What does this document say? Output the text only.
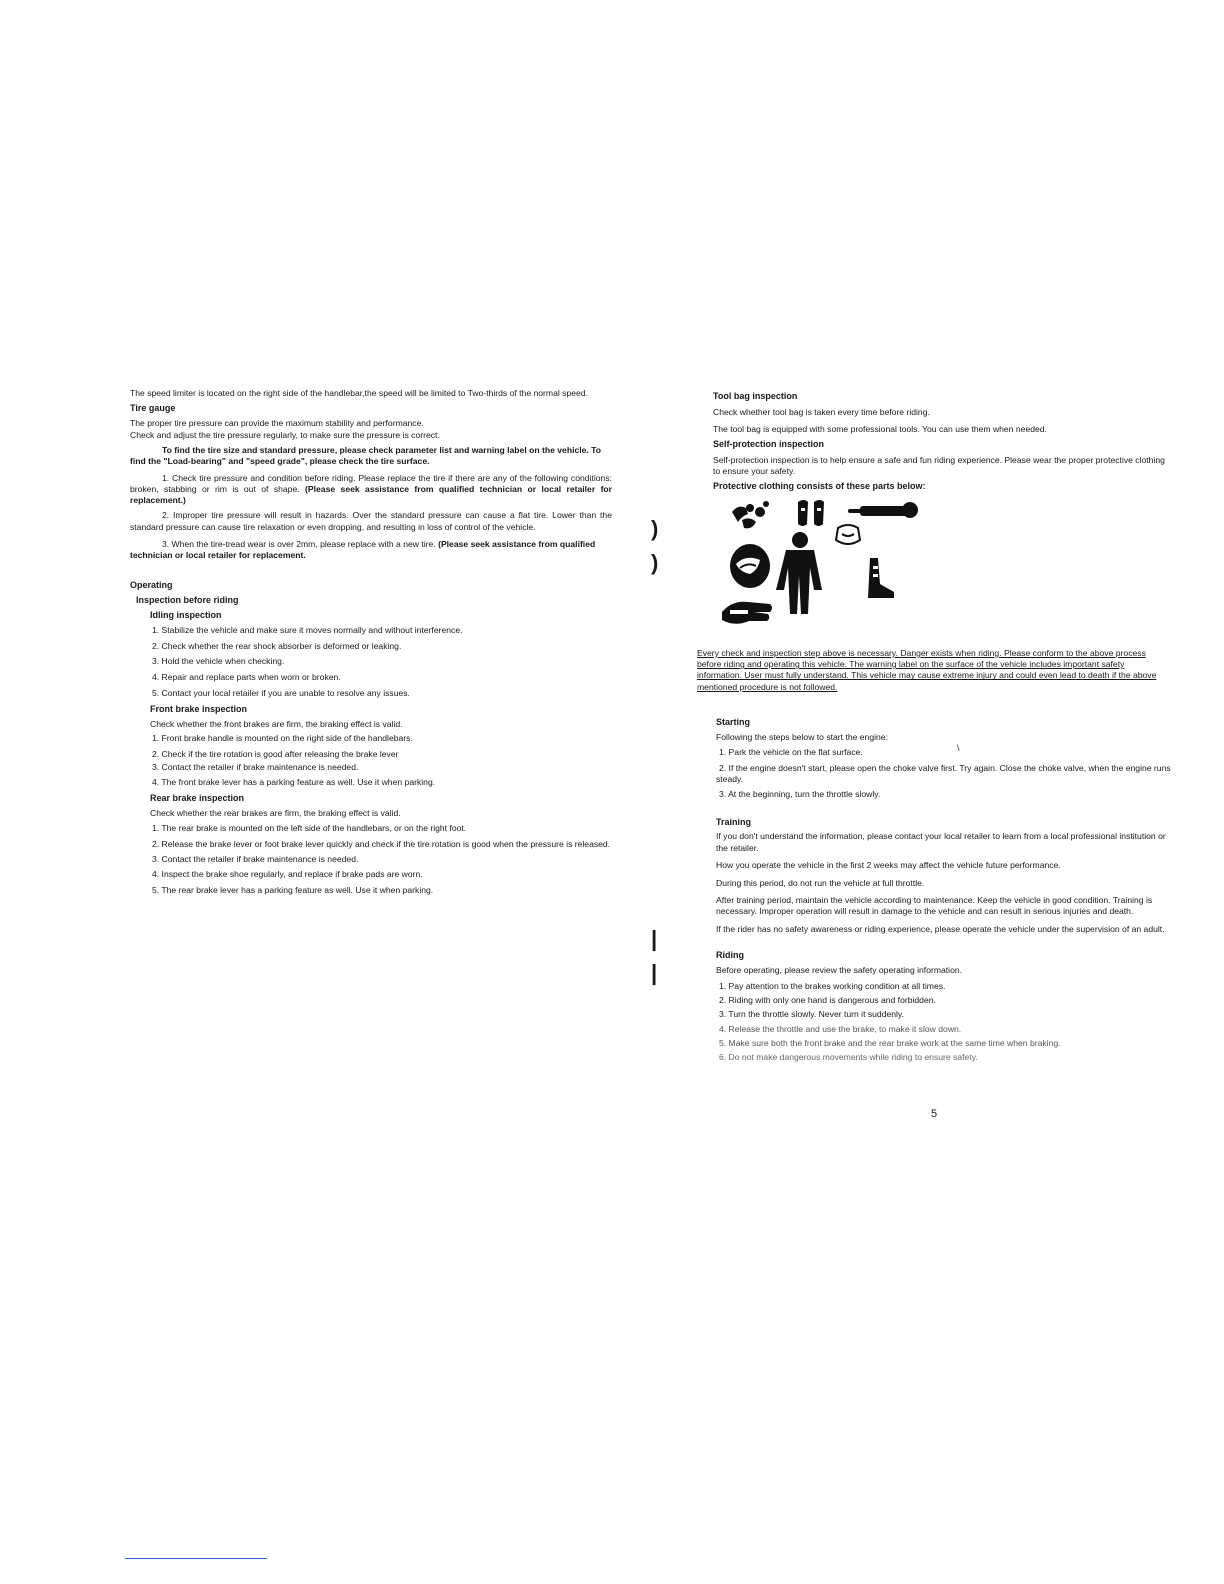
The speed limiter is located on the right side of the handlebar,the speed will be limited to Two-thirds of the normal speed.

Tire gauge

The proper tire pressure can provide the maximum stability and performance.

Check and adjust the tire pressure regularly, to make sure the pressure is correct.

To find the tire size and standard pressure, please check parameter list and warning label on the vehicle. To find the "Load-bearing" and "speed grade", please check the tire surface.

1. Check tire pressure and condition before riding. Please replace the tire if there are any of the following conditions: broken, stabbing or rim is out of shape. (Please seek assistance from qualified technician or local retailer for replacement.)

2. Improper tire pressure will result in hazards. Over the standard pressure can cause a flat tire. Lower than the standard pressure can cause tire relaxation or even dropping, and resulting in loss of control of the vehicle.

3. When the tire-tread wear is over 2mm, please replace with a new tire. (Please seek assistance from qualified technician or local retailer for replacement.

Operating

Inspection before riding

Idling inspection

1. Stabilize the vehicle and make sure it moves normally and without interference.

2. Check whether the rear shock absorber is deformed or leaking.

3. Hold the vehicle when checking.

4. Repair and replace parts when worn or broken.

5. Contact your local retailer if you are unable to resolve any issues.

Front brake inspection

Check whether the front brakes are firm, the braking effect is valid.

1. Front brake handle is mounted on the right side of the handlebars.

2. Check if the tire rotation is good after releasing the brake lever

3. Contact the retailer if brake maintenance is needed.

4. The front brake lever has a parking feature as well. Use it when parking.

Rear brake inspection

Check whether the rear brakes are firm, the braking effect is valid.

1. The rear brake is mounted on the left side of the handlebars, or on the right foot.

2. Release the brake lever or foot brake lever quickly and check if the tire rotation is good when the pressure is released.

3. Contact the retailer if brake maintenance is needed.

4. Inspect the brake shoe regularly, and replace if brake pads are worn.

5. The rear brake lever has a parking feature as well. Use it when parking.

)
)
|
|

Tool bag inspection

Check whether tool bag is taken every time before riding.

The tool bag is equipped with some professional tools. You can use them when needed.

Self-protection inspection

Self-protection inspection is to help ensure a safe and fun riding experience. Please wear the proper protective clothing to ensure your safety.

Protective clothing consists of these parts below:

Every check and inspection step above is necessary. Danger exists when riding. Please conform to the above process before riding and operating this vehicle. The warning label on the surface of the vehicle includes important safety information. User must fully understand. This vehicle may cause extreme injury and could even lead to death if the above mentioned procedure is not followed.

Starting

Following the steps below to start the engine:

1. Park the vehicle on the flat surface.

2. If the engine doesn't start, please open the choke valve first. Try again. Close the choke valve, when the engine runs steady.

3. At the beginning, turn the throttle slowly.

Training

If you don't understand the information, please contact your local retailer to learn from a local professional institution or the retailer.

How you operate the vehicle in the first 2 weeks may affect the vehicle future performance.

During this period, do not run the vehicle at full throttle.

After training period, maintain the vehicle according to maintenance. Keep the vehicle in good condition. Training is necessary. Improper operation will result in damage to the vehicle and can result in serious injuries and death.

If the rider has no safety awareness or riding experience, please operate the vehicle under the supervision of an adult.

Riding

Before operating, please review the safety operating information.

1. Pay attention to the brakes working condition at all times.

2. Riding with only one hand is dangerous and forbidden.

3. Turn the throttle slowly. Never turn it suddenly.

4. Release the throttle and use the brake, to make it slow down.

5. Make sure both the front brake and the rear brake work at the same time when braking.

6. Do not make dangerous movements while riding to ensure safety.

5
\
